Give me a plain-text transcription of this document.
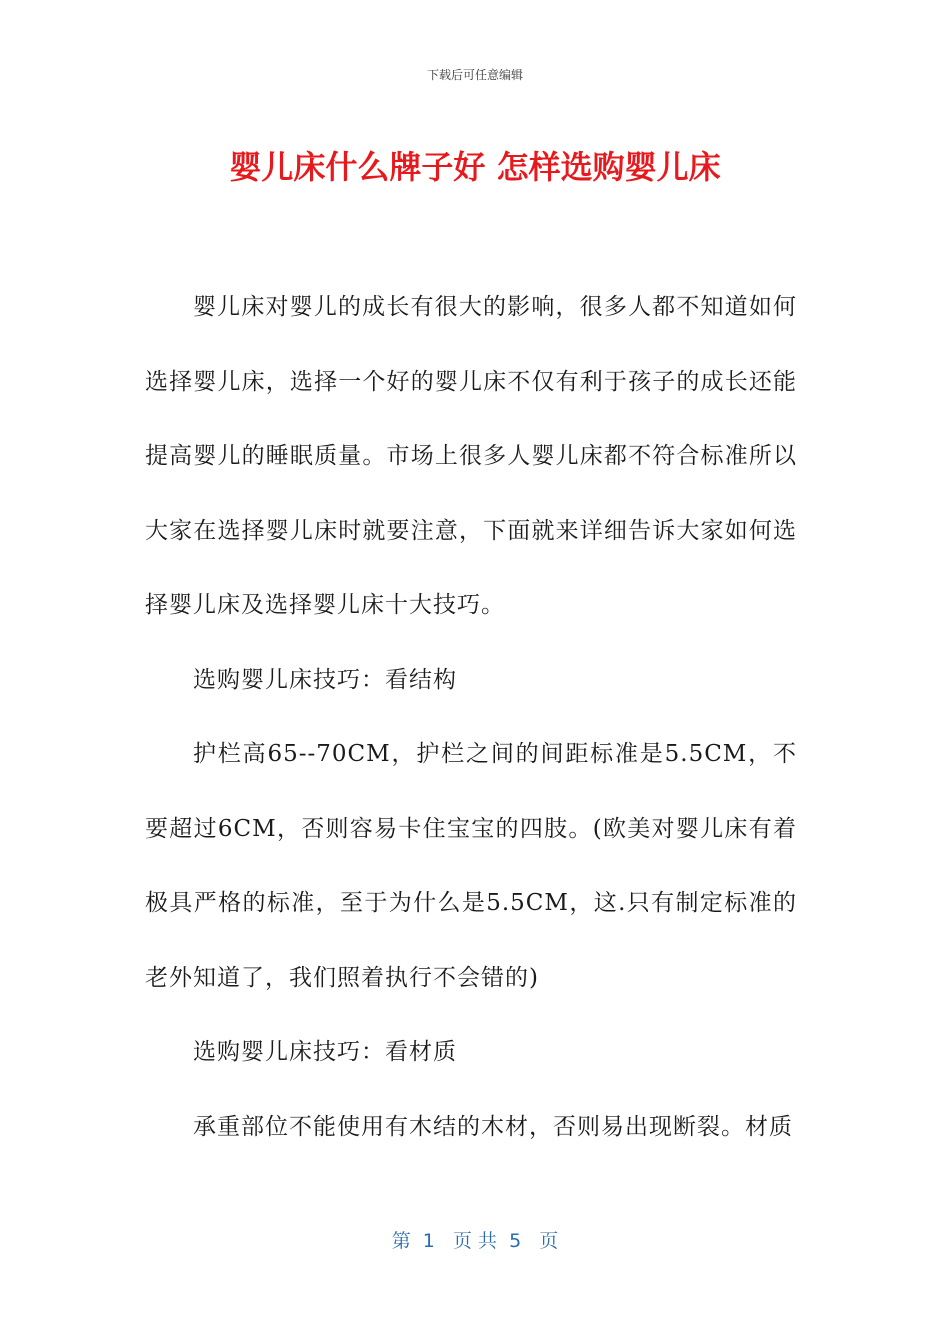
下载后可任意编辑
婴儿床什么牌子好 怎样选购婴儿床

婴儿床对婴儿的成长有很大的影响，很多人都不知道如何选择婴儿床，选择一个好的婴儿床不仅有利于孩子的成长还能提高婴儿的睡眠质量。市场上很多人婴儿床都不符合标准所以大家在选择婴儿床时就要注意，下面就来详细告诉大家如何选择婴儿床及选择婴儿床十大技巧。

选购婴儿床技巧：看结构

护栏高65--70CM，护栏之间的间距标准是5.5CM，不要超过6CM，否则容易卡住宝宝的四肢。(欧美对婴儿床有着极具严格的标准，至于为什么是5.5CM，这.只有制定标准的老外知道了，我们照着执行不会错的)

选购婴儿床技巧：看材质

承重部位不能使用有木结的木材，否则易出现断裂。材质

第  1   页 共  5   页
